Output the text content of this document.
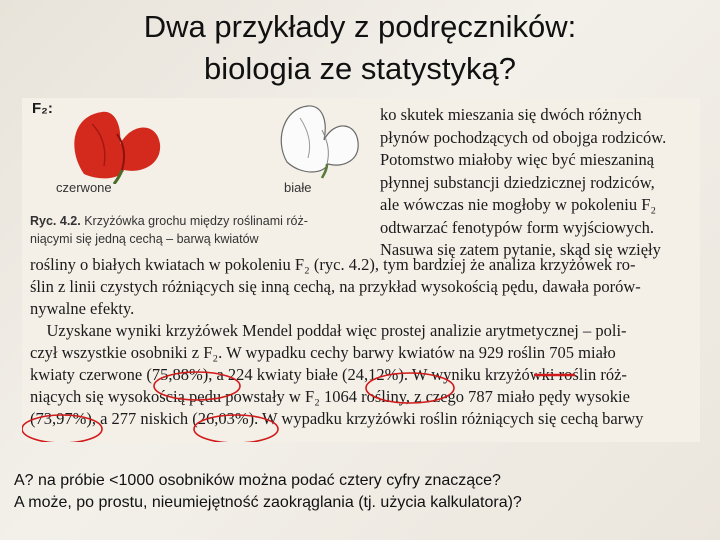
Dwa przykłady z podręczników:
biologia ze statystyką?
F₂:
czerwone	białe
Ryc. 4.2. Krzyżówka grochu między roślinami róż-
niącymi się jedną cechą – barwą kwiatów
ko skutek mieszania się dwóch różnych
płynów pochodzących od obojga rodziców.
Potomstwo miałoby więc być mieszaniną
płynnej substancji dziedzicznej rodziców,
ale wówczas nie mogłoby w pokoleniu F₂
odtwarzać fenotypów form wyjściowych.
Nasuwa się zatem pytanie, skąd się wzięły
rośliny o białych kwiatach w pokoleniu F₂ (ryc. 4.2), tym bardziej że analiza krzyżówek ro-
ślin z linii czystych różniących się inną cechą, na przykład wysokością pędu, dawała porów-
nywalne efekty.
Uzyskane wyniki krzyżówek Mendel poddał więc prostej analizie arytmetycznej – poli-
czył wszystkie osobniki z F₂. W wypadku cechy barwy kwiatów na 929 roślin 705 miało
kwiaty czerwone (75,88%), a 224 kwiaty białe (24,12%). W wyniku krzyżówki roślin róż-
niących się wysokością pędu powstały w F₂ 1064 rośliny, z czego 787 miało pędy wysokie
(73,97%), a 277 niskich (26,03%). W wypadku krzyżówki roślin różniących się cechą barwy
A? na próbie <1000 osobników można podać cztery cyfry znaczące?
A może, po prostu, nieumiejętność zaokrąglania (tj. użycia kalkulatora)?
